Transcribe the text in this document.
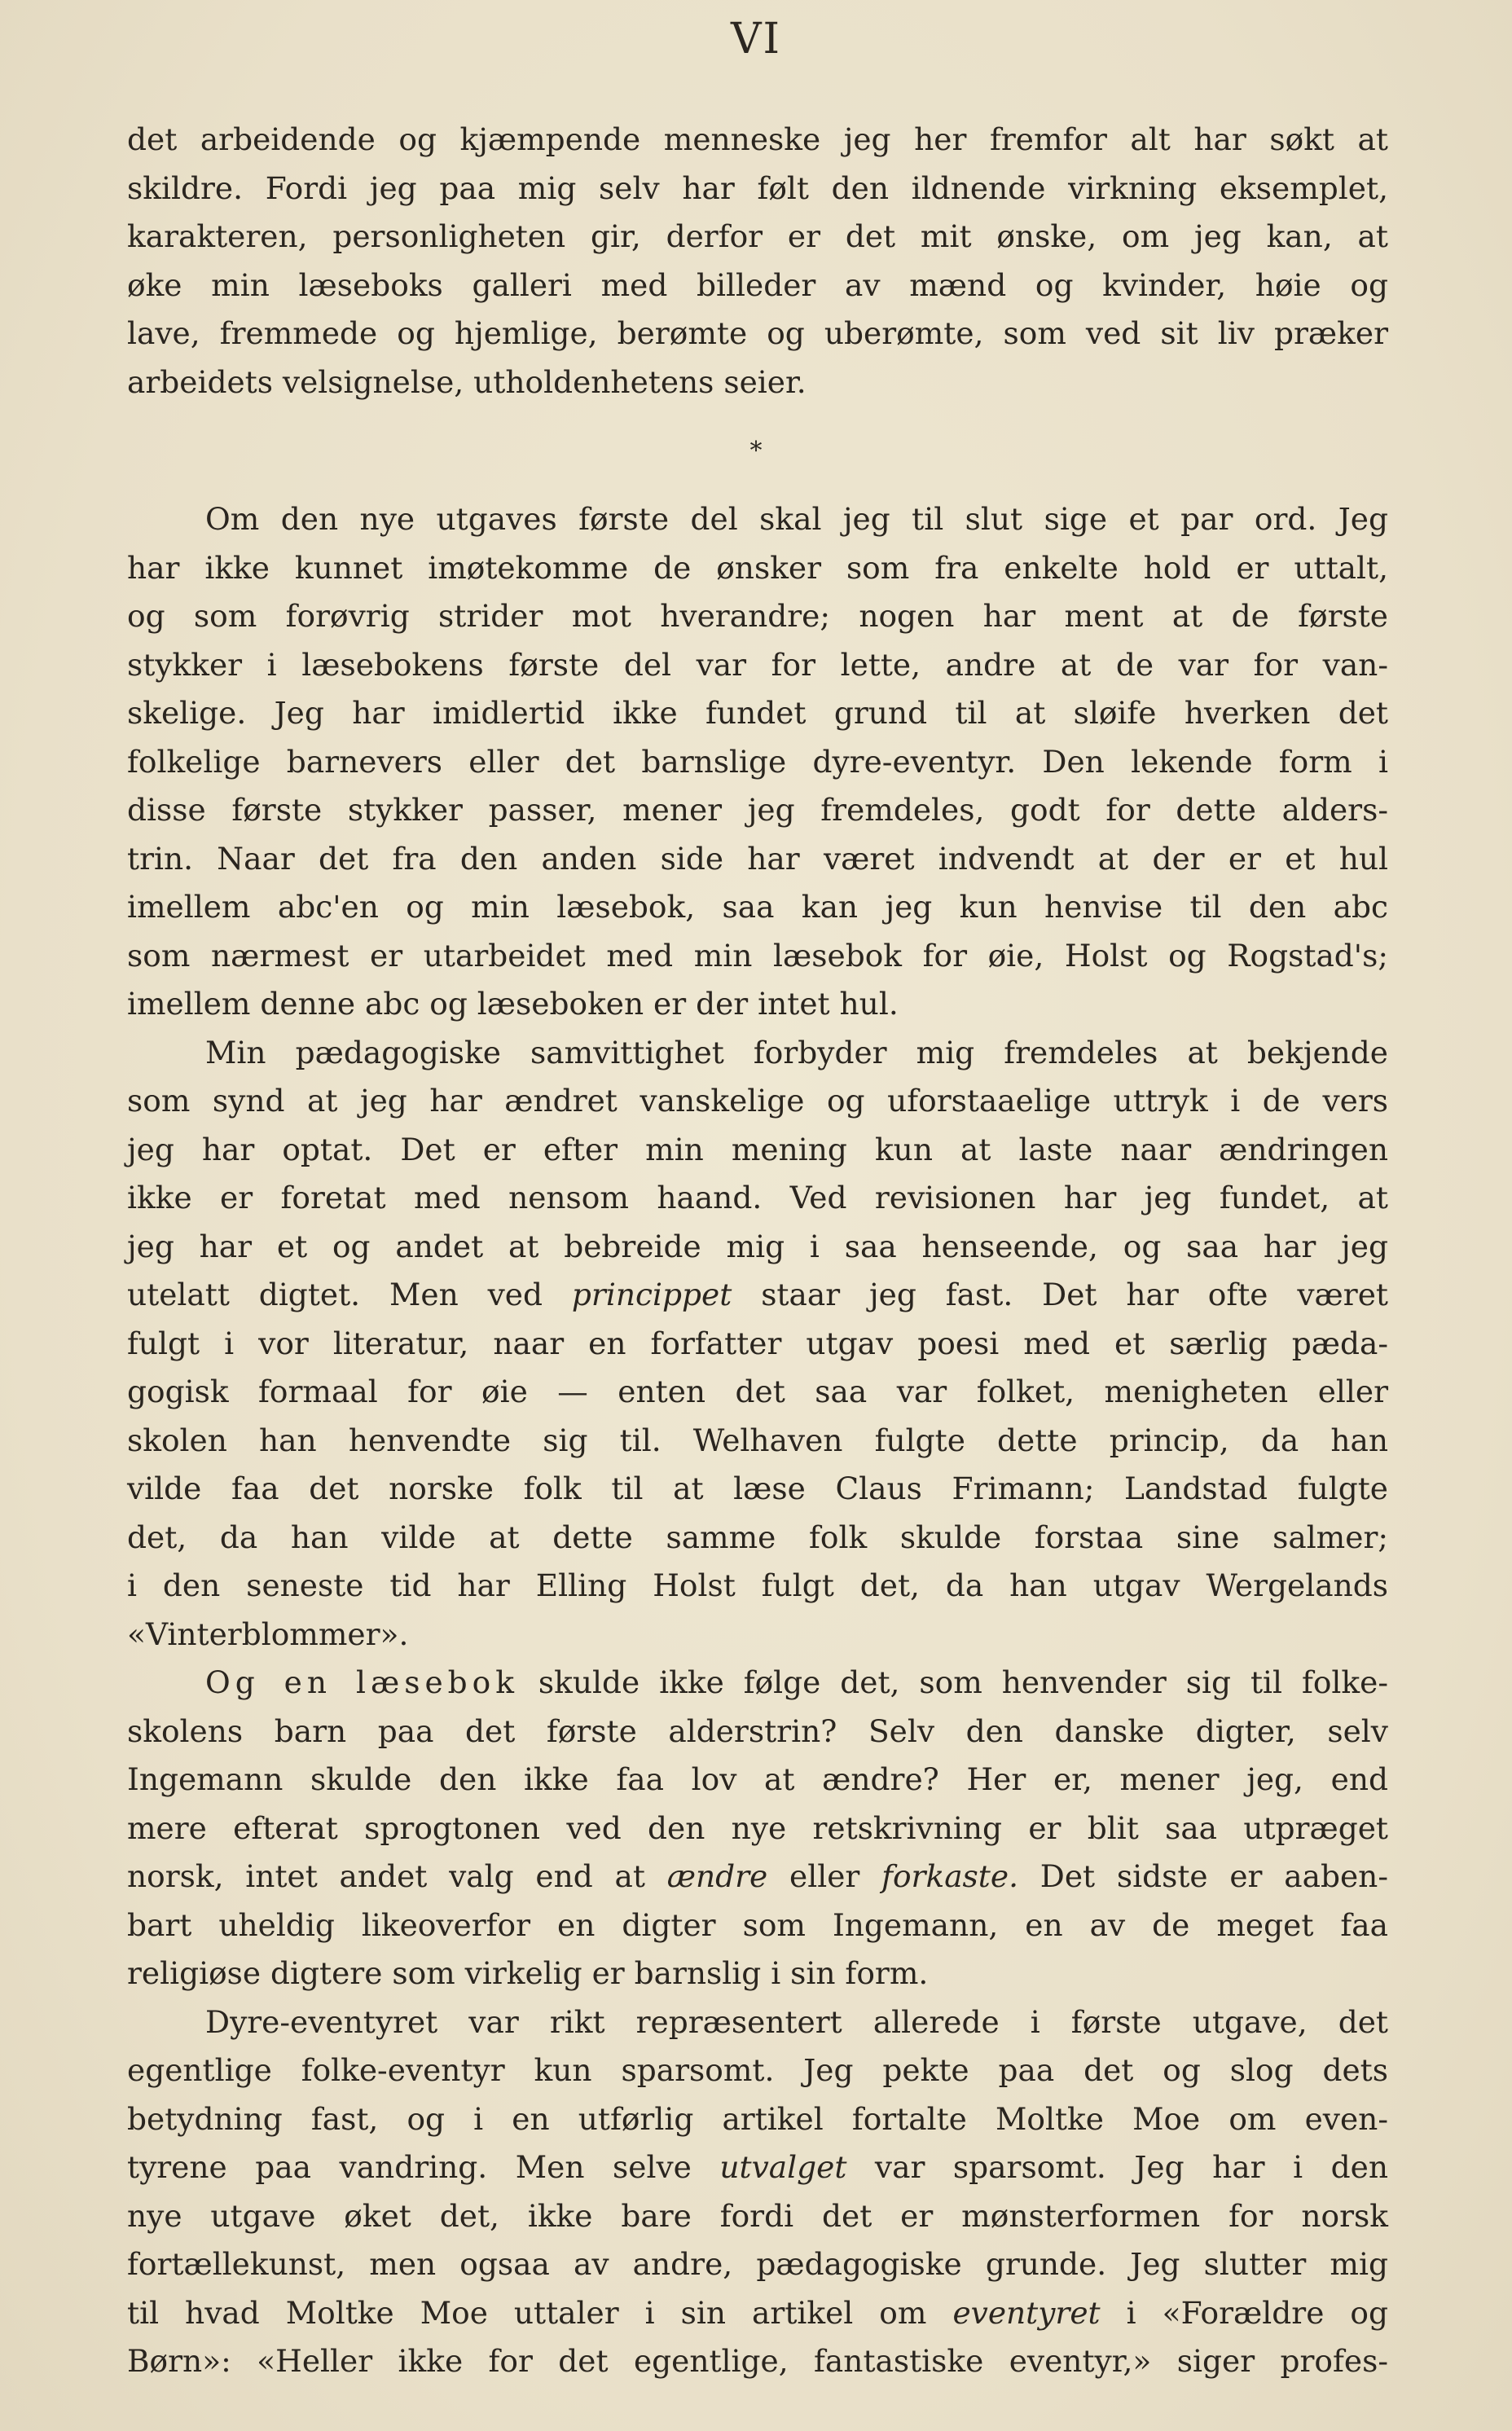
VI
det arbeidende og kjæmpende menneske jeg her fremfor alt har søkt at
skildre. Fordi jeg paa mig selv har følt den ildnende virkning eksemplet,
karakteren, personligheten gir, derfor er det mit ønske, om jeg kan, at
øke min læseboks galleri med billeder av mænd og kvinder, høie og
lave, fremmede og hjemlige, berømte og uberømte, som ved sit liv præker
arbeidets velsignelse, utholdenhetens seier.
*
Om den nye utgaves første del skal jeg til slut sige et par ord. Jeg
har ikke kunnet imøtekomme de ønsker som fra enkelte hold er uttalt,
og som forøvrig strider mot hverandre; nogen har ment at de første
stykker i læsebokens første del var for lette, andre at de var for van-
skelige. Jeg har imidlertid ikke fundet grund til at sløife hverken det
folkelige barnevers eller det barnslige dyre-eventyr. Den lekende form i
disse første stykker passer, mener jeg fremdeles, godt for dette alders-
trin. Naar det fra den anden side har været indvendt at der er et hul
imellem abc'en og min læsebok, saa kan jeg kun henvise til den abc
som nærmest er utarbeidet med min læsebok for øie, Holst og Rogstad's;
imellem denne abc og læseboken er der intet hul.
Min pædagogiske samvittighet forbyder mig fremdeles at bekjende
som synd at jeg har ændret vanskelige og uforstaaelige uttryk i de vers
jeg har optat. Det er efter min mening kun at laste naar ændringen
ikke er foretat med nensom haand. Ved revisionen har jeg fundet, at
jeg har et og andet at bebreide mig i saa henseende, og saa har jeg
utelatt digtet. Men ved princippet staar jeg fast. Det har ofte været
fulgt i vor literatur, naar en forfatter utgav poesi med et særlig pæda-
gogisk formaal for øie — enten det saa var folket, menigheten eller
skolen han henvendte sig til. Welhaven fulgte dette princip, da han
vilde faa det norske folk til at læse Claus Frimann; Landstad fulgte
det, da han vilde at dette samme folk skulde forstaa sine salmer;
i den seneste tid har Elling Holst fulgt det, da han utgav Wergelands
«Vinterblommer».
Og en læsebok skulde ikke følge det, som henvender sig til folke-
skolens barn paa det første alderstrin? Selv den danske digter, selv
Ingemann skulde den ikke faa lov at ændre? Her er, mener jeg, end
mere efterat sprogtonen ved den nye retskrivning er blit saa utpræget
norsk, intet andet valg end at ændre eller forkaste. Det sidste er aaben-
bart uheldig likeoverfor en digter som Ingemann, en av de meget faa
religiøse digtere som virkelig er barnslig i sin form.
Dyre-eventyret var rikt repræsentert allerede i første utgave, det
egentlige folke-eventyr kun sparsomt. Jeg pekte paa det og slog dets
betydning fast, og i en utførlig artikel fortalte Moltke Moe om even-
tyrene paa vandring. Men selve utvalget var sparsomt. Jeg har i den
nye utgave øket det, ikke bare fordi det er mønsterformen for norsk
fortællekunst, men ogsaa av andre, pædagogiske grunde. Jeg slutter mig
til hvad Moltke Moe uttaler i sin artikel om eventyret i «Forældre og
Børn»: «Heller ikke for det egentlige, fantastiske eventyr,» siger profes-
